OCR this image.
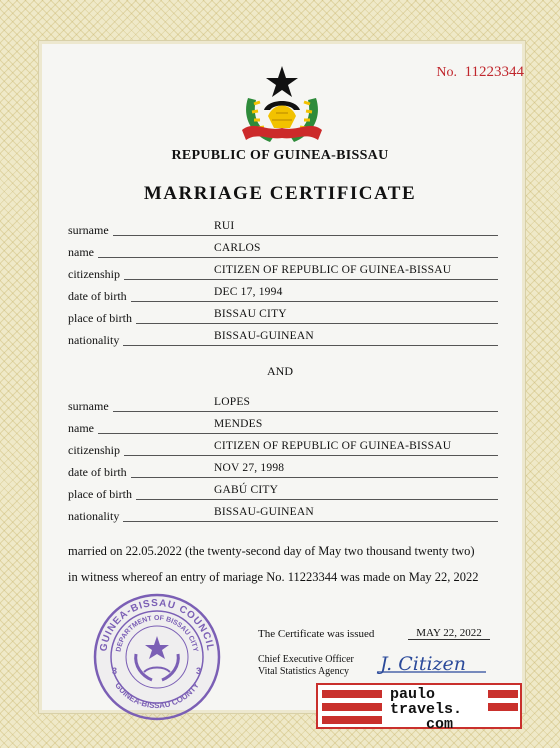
No. 11223344
REPUBLIC OF GUINEA-BISSAU
MARRIAGE CERTIFICATE
surname	RUI
name	CARLOS
citizenship	CITIZEN OF REPUBLIC OF GUINEA-BISSAU
date of birth	DEC 17, 1994
place of birth	BISSAU CITY
nationality	BISSAU-GUINEAN
AND
surname	LOPES
name	MENDES
citizenship	CITIZEN OF REPUBLIC OF GUINEA-BISSAU
date of birth	NOV 27, 1998
place of birth	GABÚ CITY
nationality	BISSAU-GUINEAN
married on 22.05.2022 (the twenty-second day of May two thousand twenty two)
in witness whereof an entry of mariage No. 11223344 was made on May 22, 2022
GUINEA-BISSAU COUNCIL
DEPARTMENT OF BISSAU CITY
GUINEA-BISSAU COUNTY
3	3
The Certificate was issued	MAY 22, 2022
Chief Executive Officer
Vital Statistics Agency J. Citizen
paulo
travels.
com
